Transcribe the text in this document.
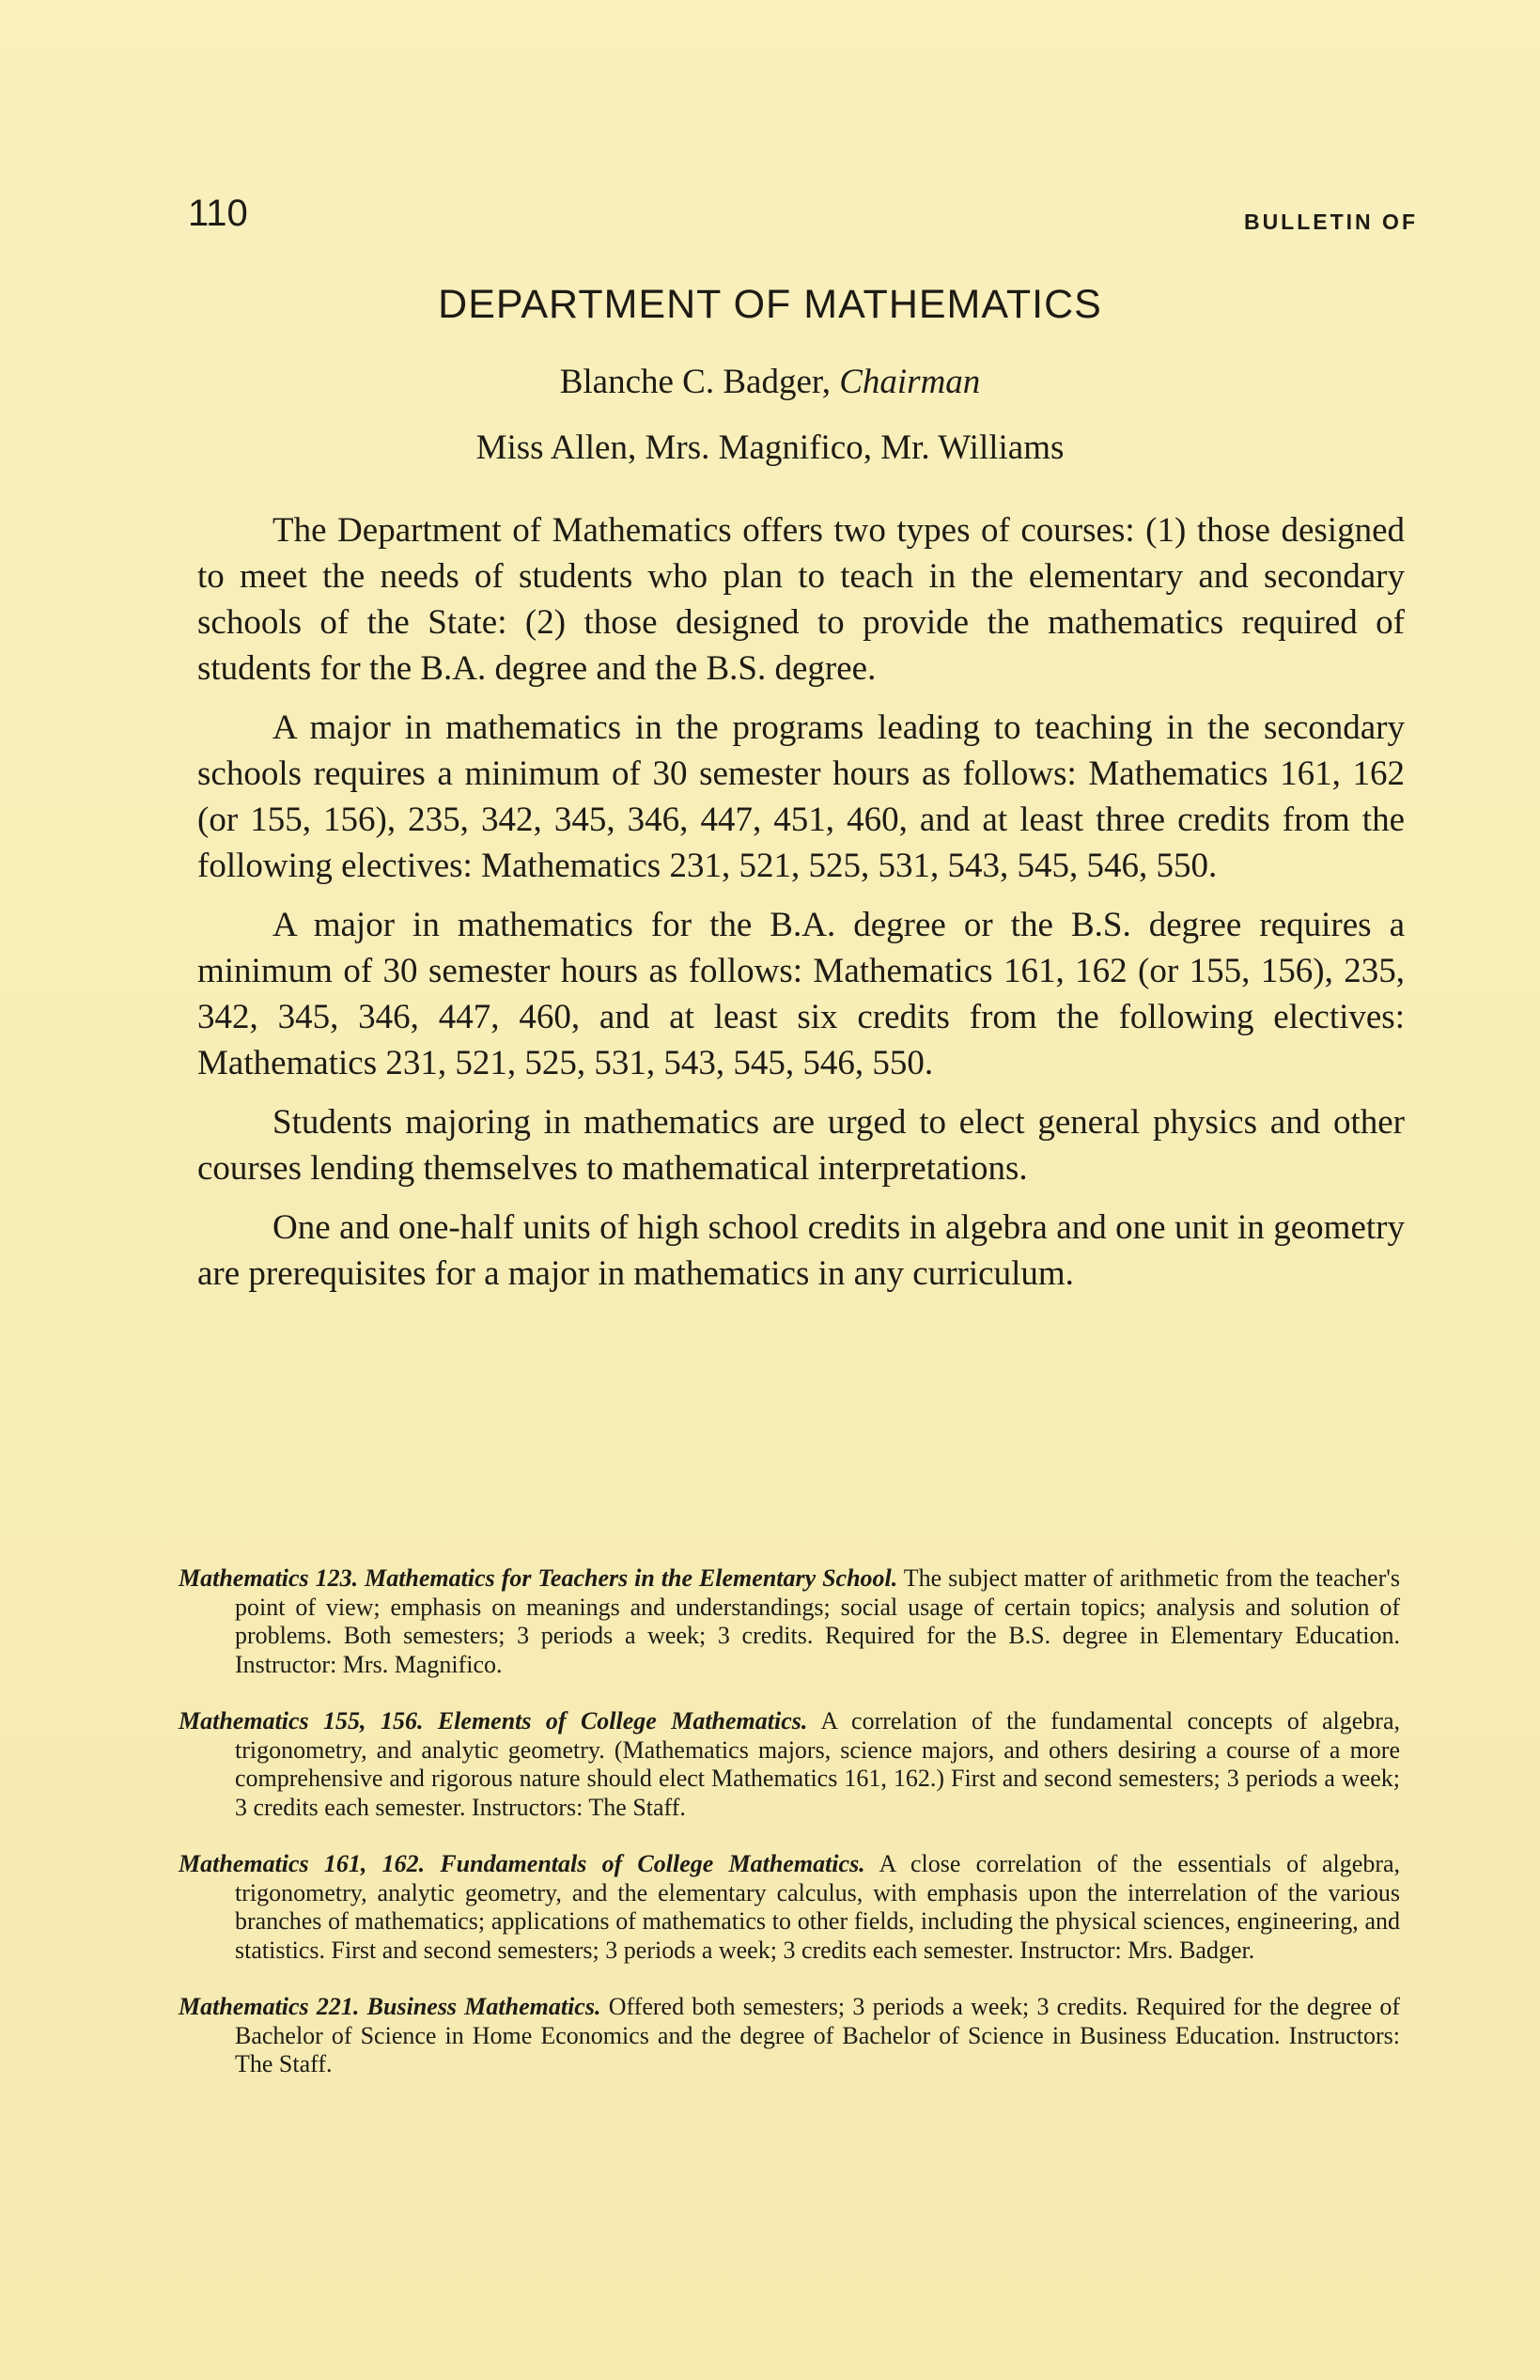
110	BULLETIN OF
DEPARTMENT OF MATHEMATICS
Blanche C. Badger, Chairman
Miss Allen, Mrs. Magnifico, Mr. Williams

The Department of Mathematics offers two types of courses: (1) those designed to meet the needs of students who plan to teach in the elementary and secondary schools of the State: (2) those designed to provide the mathematics required of students for the B.A. degree and the B.S. degree.

A major in mathematics in the programs leading to teaching in the secondary schools requires a minimum of 30 semester hours as follows: Mathematics 161, 162 (or 155, 156), 235, 342, 345, 346, 447, 451, 460, and at least three credits from the following electives: Mathematics 231, 521, 525, 531, 543, 545, 546, 550.

A major in mathematics for the B.A. degree or the B.S. degree requires a minimum of 30 semester hours as follows: Mathematics 161, 162 (or 155, 156), 235, 342, 345, 346, 447, 460, and at least six credits from the following electives: Mathematics 231, 521, 525, 531, 543, 545, 546, 550.

Students majoring in mathematics are urged to elect general physics and other courses lending themselves to mathematical interpretations.

One and one-half units of high school credits in algebra and one unit in geometry are prerequisites for a major in mathematics in any curriculum.

Mathematics 123. Mathematics for Teachers in the Elementary School. The subject matter of arithmetic from the teacher's point of view; emphasis on meanings and understandings; social usage of certain topics; analysis and solution of problems. Both semesters; 3 periods a week; 3 credits. Required for the B.S. degree in Elementary Education. Instructor: Mrs. Magnifico.
Mathematics 155, 156. Elements of College Mathematics. A correlation of the fundamental concepts of algebra, trigonometry, and analytic geometry. (Mathematics majors, science majors, and others desiring a course of a more comprehensive and rigorous nature should elect Mathematics 161, 162.) First and second semesters; 3 periods a week; 3 credits each semester. Instructors: The Staff.
Mathematics 161, 162. Fundamentals of College Mathematics. A close correlation of the essentials of algebra, trigonometry, analytic geometry, and the elementary calculus, with emphasis upon the interrelation of the various branches of mathematics; applications of mathematics to other fields, including the physical sciences, engineering, and statistics. First and second semesters; 3 periods a week; 3 credits each semester. Instructor: Mrs. Badger.
Mathematics 221. Business Mathematics. Offered both semesters; 3 periods a week; 3 credits. Required for the degree of Bachelor of Science in Home Economics and the degree of Bachelor of Science in Business Education. Instructors: The Staff.
